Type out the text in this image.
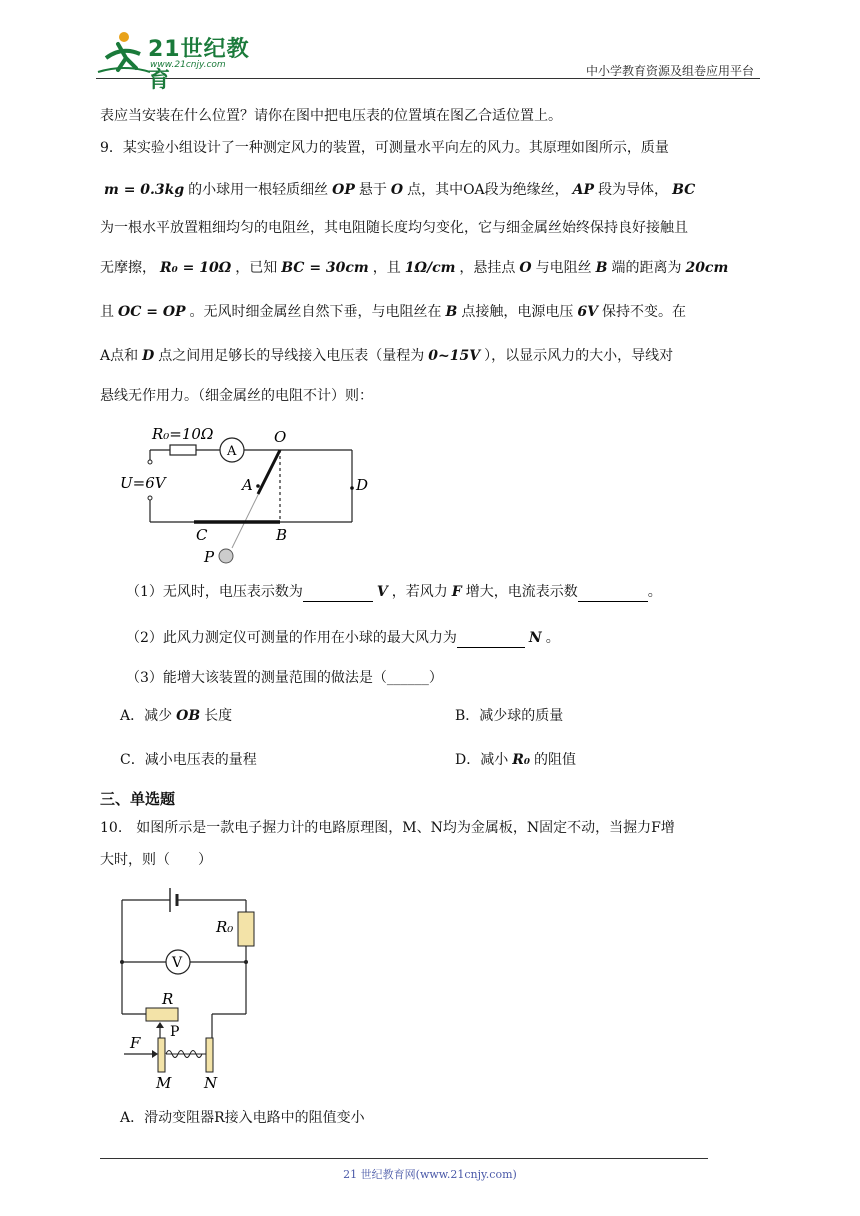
21世纪教育
www.21cnjy.com	中小学教育资源及组卷应用平台
表应当安装在什么位置？请你在图中把电压表的位置填在图乙合适位置上。
9．某实验小组设计了一种测定风力的装置，可测量水平向左的风力。其原理如图所示，质量
m = 0.3kg 的小球用一根轻质细丝 OP 悬于 O 点，其中OA段为绝缘丝， AP 段为导体， BC
为一根水平放置粗细均匀的电阻丝，其电阻随长度均匀变化，它与细金属丝始终保持良好接触且
无摩擦， R₀ = 10Ω ，已知 BC = 30cm ，且 1Ω/cm ，悬挂点 O 与电阻丝 B 端的距离为 20cm
且 OC = OP 。无风时细金属丝自然下垂，与电阻丝在 B 点接触，电源电压 6V 保持不变。在
A点和 D 点之间用足够长的导线接入电压表（量程为 0~15V ），以显示风力的大小，导线对
悬线无作用力。（细金属丝的电阻不计）则：
R₀=10Ω
A
O
U=6V	A	D
C	B
P
（1）无风时，电压表示数为	V ，若风力 F 增大，电流表示数	。
（2）此风力测定仪可测量的作用在小球的最大风力为	N 。
（3）能增大该装置的测量范围的做法是（______）
A．减少 OB 长度	B．减少球的质量
C．减小电压表的量程	D．减小 R₀ 的阻值
三、单选题
10.　如图所示是一款电子握力计的电路原理图，M、N均为金属板，N固定不动，当握力F增
大时，则（　　）
R₀
V
R
P
F
M N
A．滑动变阻器R接入电路中的阻值变小
21 世纪教育网(www.21cnjy.com)
